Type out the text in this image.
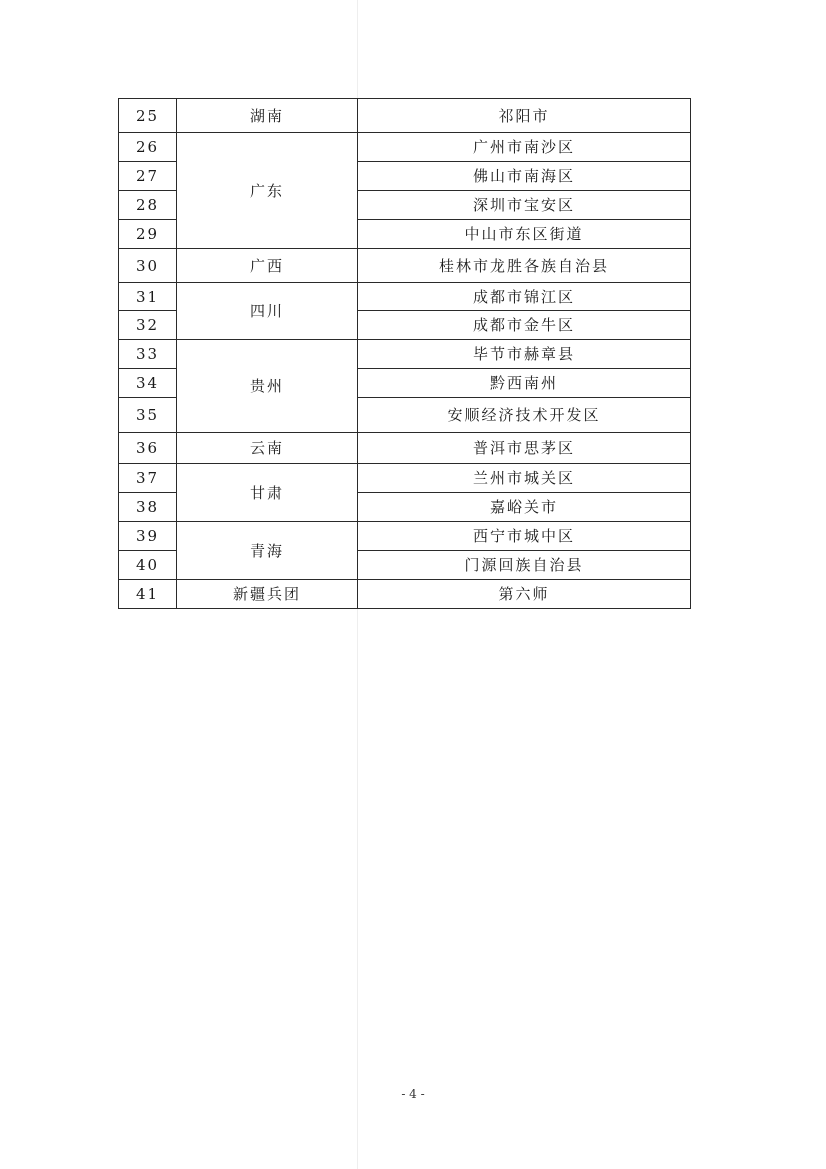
25	湖南	祁阳市
26	广东	广州市南沙区
27		佛山市南海区
28		深圳市宝安区
29		中山市东区街道
30	广西	桂林市龙胜各族自治县
31	四川	成都市锦江区
32		成都市金牛区
33	贵州	毕节市赫章县
34		黔西南州
35		安顺经济技术开发区
36	云南	普洱市思茅区
37	甘肃	兰州市城关区
38		嘉峪关市
39	青海	西宁市城中区
40		门源回族自治县
41	新疆兵团	第六师
- 4 -
